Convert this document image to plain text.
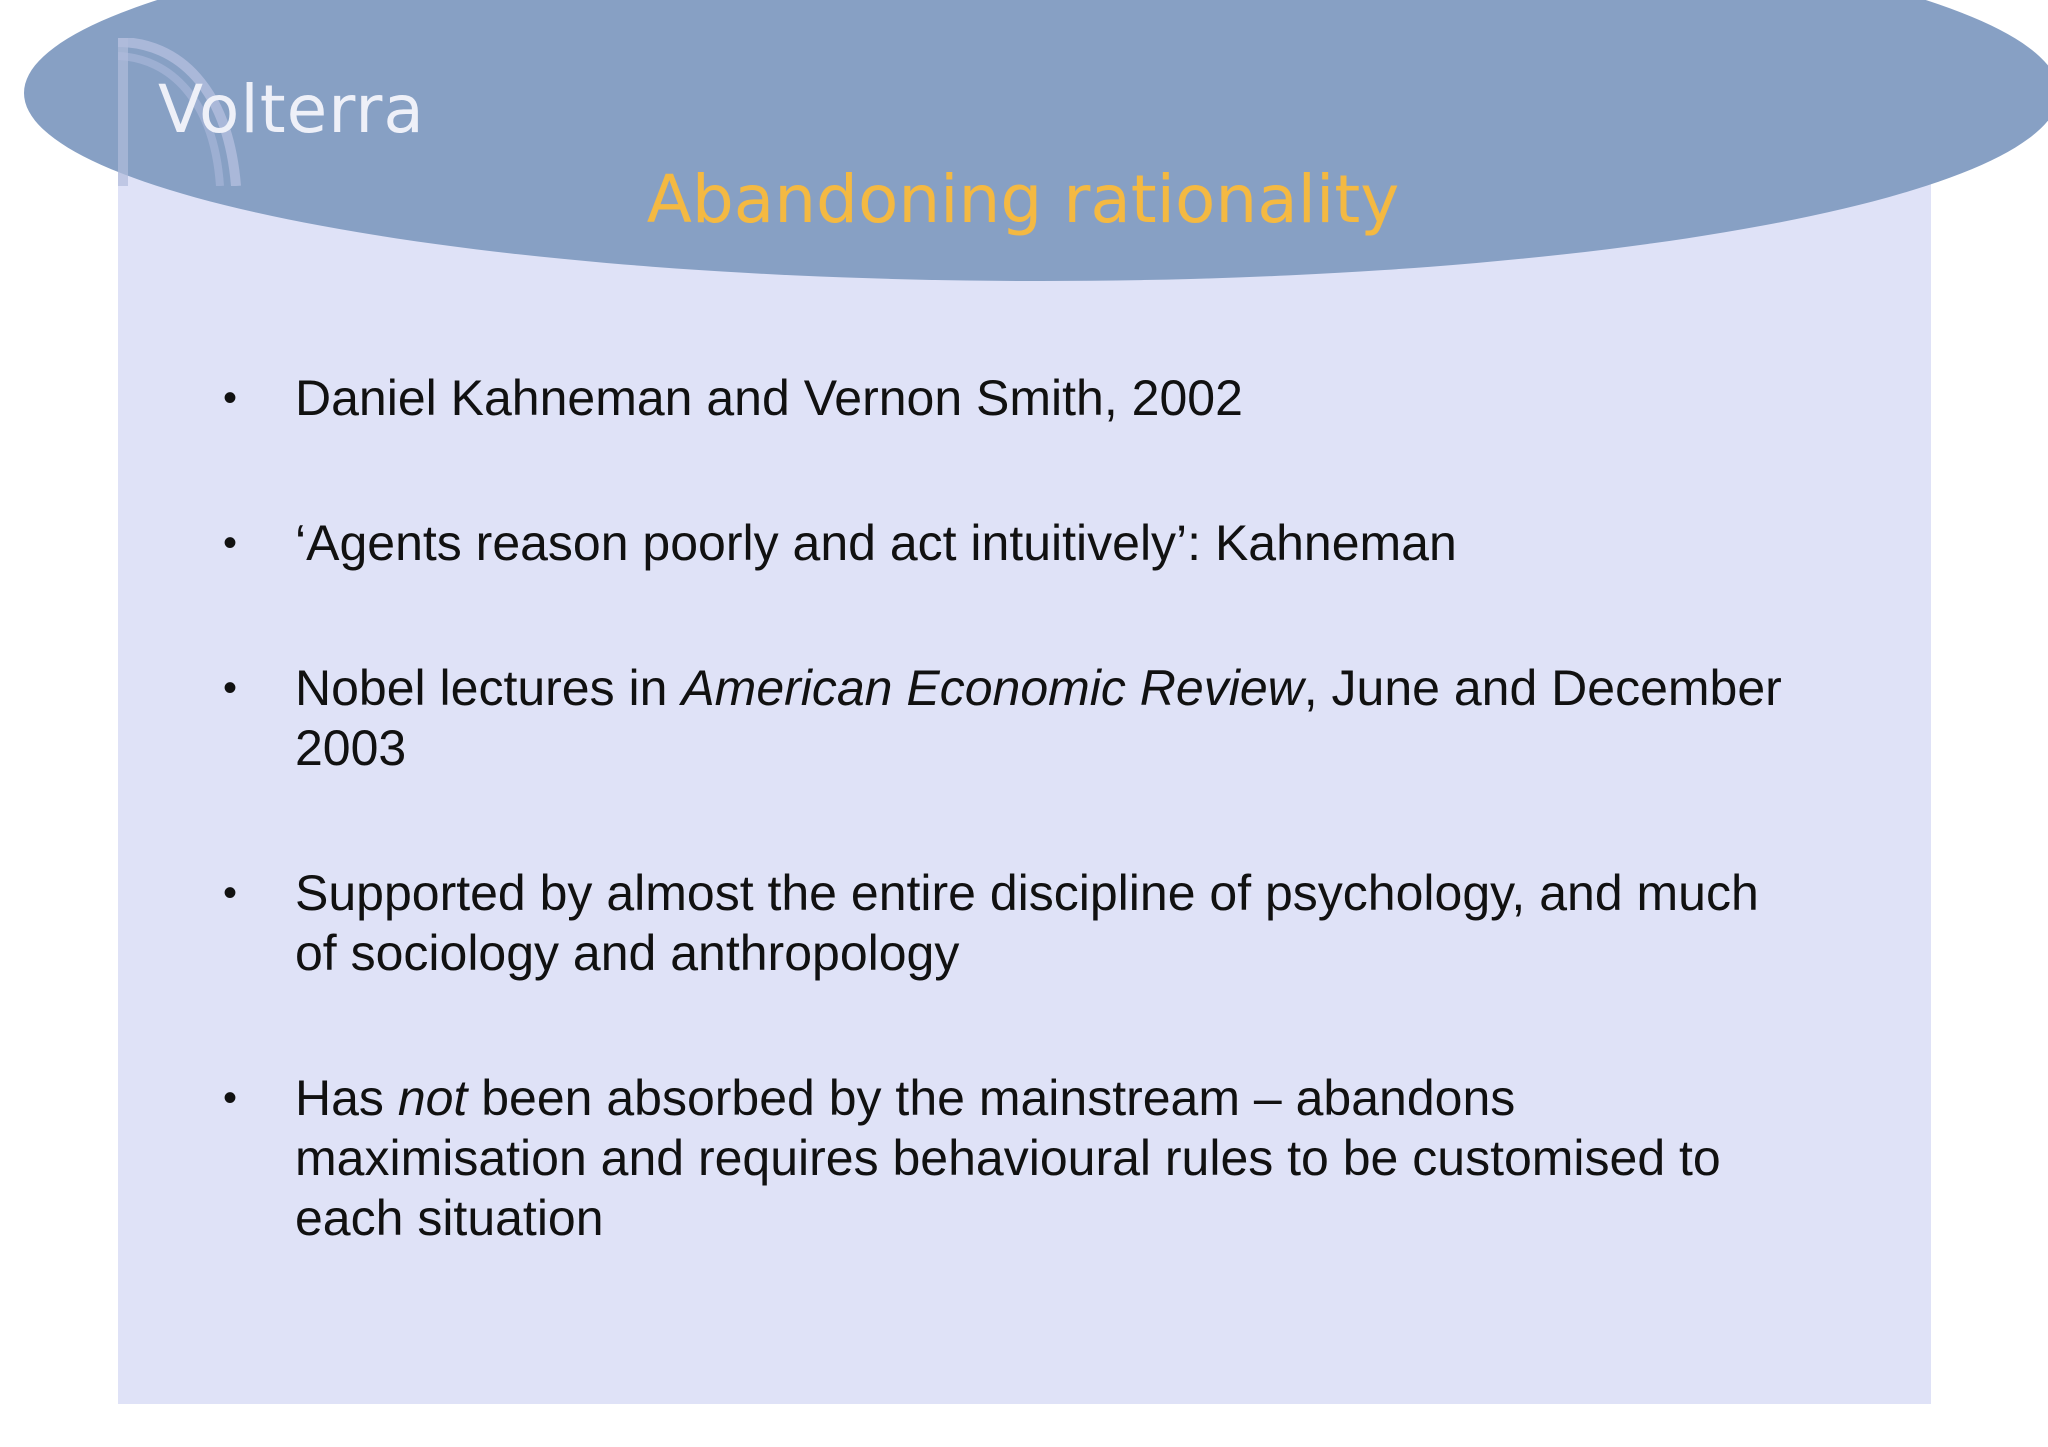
Volterra
Abandoning rationality
• Daniel Kahneman and Vernon Smith, 2002
• ‘Agents reason poorly and act intuitively’: Kahneman
• Nobel lectures in American Economic Review, June and December 2003
• Supported by almost the entire discipline of psychology, and much of sociology and anthropology
• Has not been absorbed by the mainstream – abandons maximisation and requires behavioural rules to be customised to each situation
